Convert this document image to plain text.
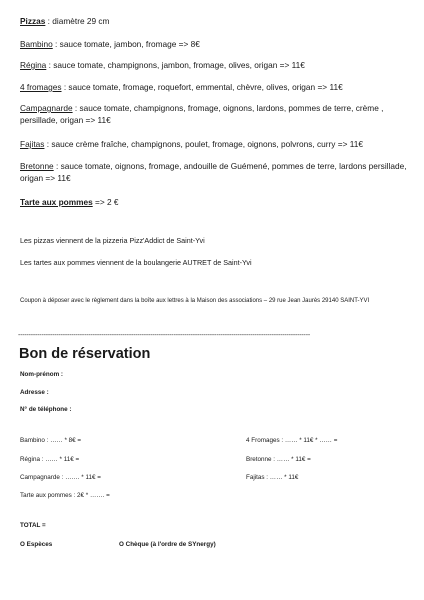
Pizzas : diamètre 29 cm
Bambino : sauce tomate, jambon, fromage => 8€
Régina : sauce tomate, champignons, jambon, fromage, olives, origan => 11€
4 fromages : sauce tomate, fromage, roquefort, emmental, chèvre, olives, origan => 11€
Campagnarde : sauce tomate, champignons, fromage, oignons, lardons, pommes de terre, crème , persillade, origan => 11€
Fajitas : sauce crème fraîche, champignons, poulet, fromage, oignons, polvrons, curry => 11€
Bretonne : sauce tomate, oignons, fromage, andouille de Guémené, pommes de terre, lardons persillade, origan => 11€
Tarte aux pommes => 2 €
Les pizzas viennent de la pizzeria Pizz'Addict de Saint-Yvi
Les tartes aux pommes viennent de la boulangerie AUTRET de Saint-Yvi
Coupon à déposer avec le règlement dans la boîte aux lettres à la Maison des associations – 29 rue Jean Jaurès 29140 SAINT-YVI
-----------------------------------------------------------------------------------------------------------------------------------------
Bon de réservation
Nom-prénom :
Adresse :
N° de téléphone :
Bambino : …… * 8€ =
Régina : …… * 11€ =
Campagnarde : ……. * 11€ =
Tarte aux pommes : 2€ * ……. =
4 Fromages : …… * 11€ * …… =
Bretonne : …… * 11€ =
Fajitas : …… * 11€
TOTAL =
O Espèces	O Chèque (à l'ordre de SYnergy)
